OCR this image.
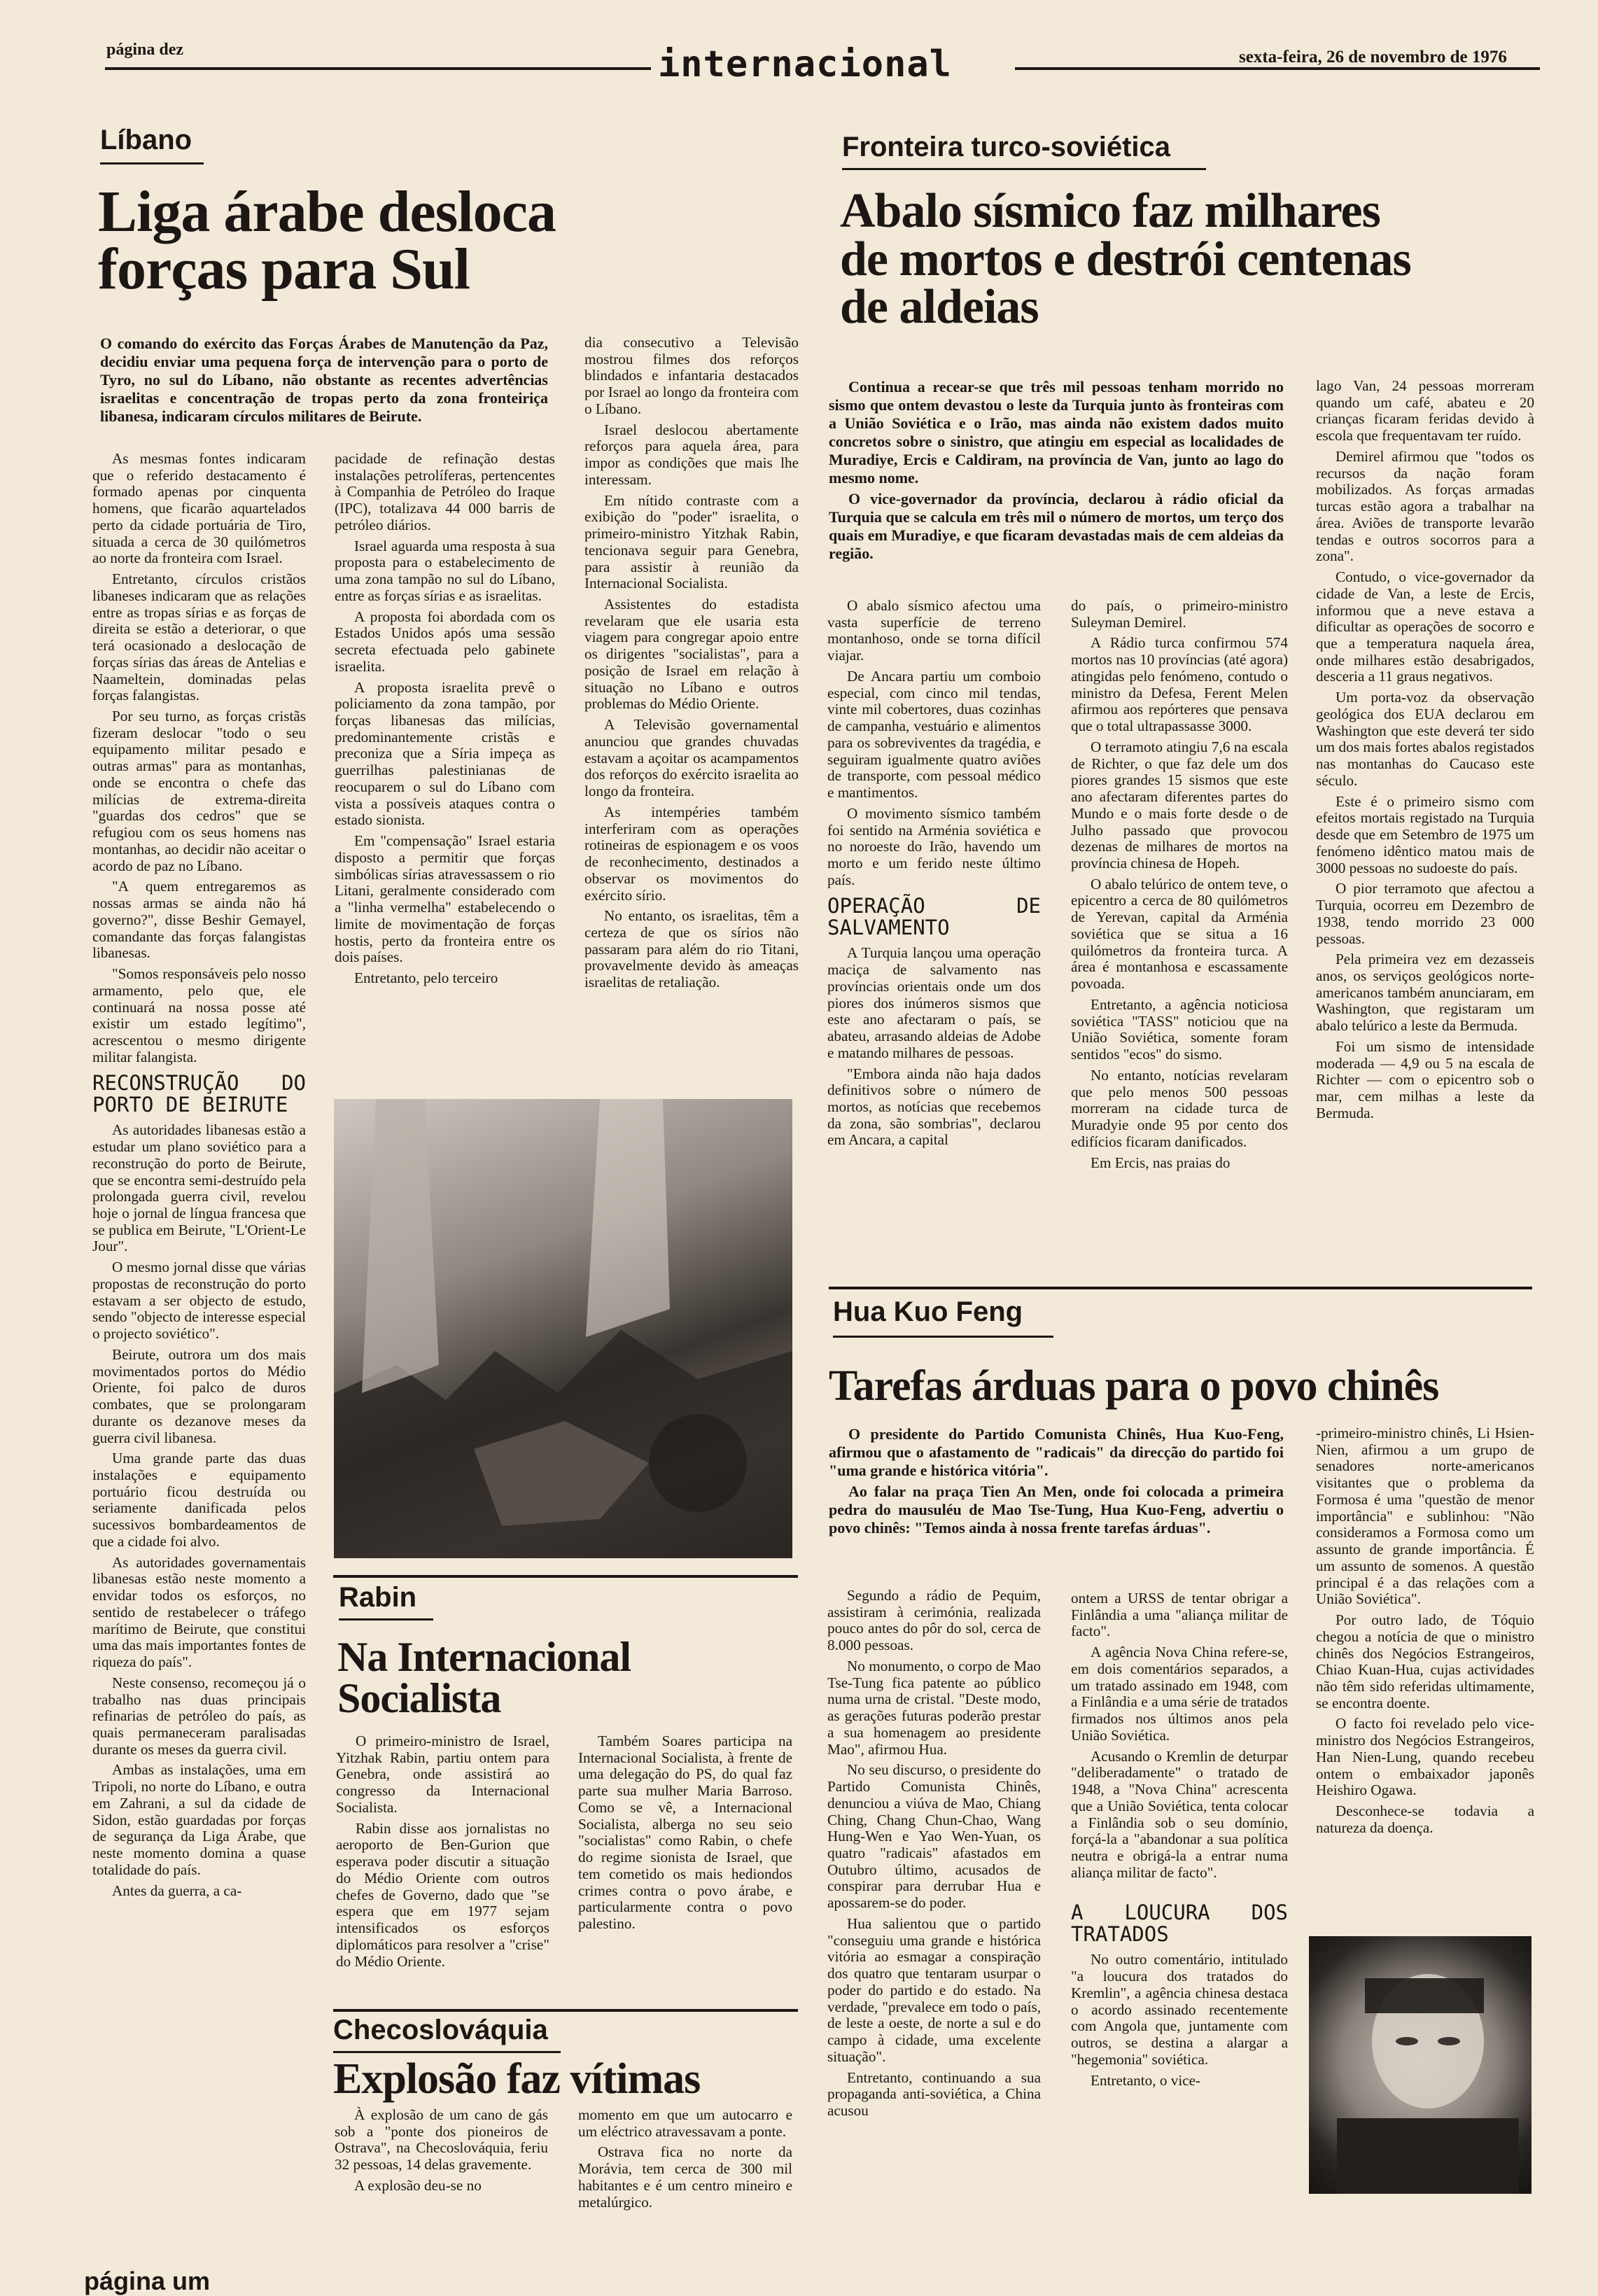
página dez	internacional	sexta-feira, 26 de novembro de 1976
Líbano
Liga árabe desloca
forças para Sul
O comando do exército das Forças Árabes de Manutenção da Paz, decidiu enviar uma pequena força de intervenção para o porto de Tyro, no sul do Líbano, não obstante as recentes advertências israelitas e concentração de tropas perto da zona fronteiriça libanesa, indicaram círculos militares de Beirute.

As mesmas fontes indicaram que o referido destacamento é formado apenas por cinquenta homens, que ficarão aquartelados perto da cidade portuária de Tiro, situada a cerca de 30 quilómetros ao norte da fronteira com Israel.

Entretanto, círculos cristãos libaneses indicaram que as relações entre as tropas sírias e as forças de direita se estão a deteriorar, o que terá ocasionado a deslocação de forças sírias das áreas de Antelias e Naameltein, dominadas pelas forças falangistas.

Por seu turno, as forças cristãs fizeram deslocar "todo o seu equipamento militar pesado e outras armas" para as montanhas, onde se encontra o chefe das milícias de extrema-direita "guardas dos cedros" que se refugiou com os seus homens nas montanhas, ao decidir não aceitar o acordo de paz no Líbano.

"A quem entregaremos as nossas armas se ainda não há governo?", disse Beshir Gemayel, comandante das forças falangistas libanesas.

"Somos responsáveis pelo nosso armamento, pelo que, ele continuará na nossa posse até existir um estado legítimo", acrescentou o mesmo dirigente militar falangista.

RECONSTRUÇÃO DO PORTO DE BEIRUTE

As autoridades libanesas estão a estudar um plano soviético para a reconstrução do porto de Beirute, que se encontra semi-destruído pela prolongada guerra civil, revelou hoje o jornal de língua francesa que se publica em Beirute, "L'Orient-Le Jour".

O mesmo jornal disse que várias propostas de reconstrução do porto estavam a ser objecto de estudo, sendo "objecto de interesse especial o projecto soviético".

Beirute, outrora um dos mais movimentados portos do Médio Oriente, foi palco de duros combates, que se prolongaram durante os dezanove meses da guerra civil libanesa.

Uma grande parte das duas instalações e equipamento portuário ficou destruída ou seriamente danificada pelos sucessivos bombardeamentos de que a cidade foi alvo.

As autoridades governamentais libanesas estão neste momento a envidar todos os esforços, no sentido de restabelecer o tráfego marítimo de Beirute, que constitui uma das mais importantes fontes de riqueza do país".

Neste consenso, recomeçou já o trabalho nas duas principais refinarias de petróleo do país, as quais permaneceram paralisadas durante os meses da guerra civil.

Ambas as instalações, uma em Tripoli, no norte do Líbano, e outra em Zahrani, a sul da cidade de Sidon, estão guardadas por forças de segurança da Liga Árabe, que neste momento domina a quase totalidade do país.

Antes da guerra, a ca-

pacidade de refinação destas instalações petrolíferas, pertencentes à Companhia de Petróleo do Iraque (IPC), totalizava 44 000 barris de petróleo diários.

Israel aguarda uma resposta à sua proposta para o estabelecimento de uma zona tampão no sul do Líbano, entre as forças sírias e as israelitas.

A proposta foi abordada com os Estados Unidos após uma sessão secreta efectuada pelo gabinete israelita.

A proposta israelita prevê o policiamento da zona tampão, por forças libanesas das milícias, predominantemente cristãs e preconiza que a Síria impeça as guerrilhas palestinianas de reocuparem o sul do Líbano com vista a possíveis ataques contra o estado sionista.

Em "compensação" Israel estaria disposto a permitir que forças simbólicas sírias atravessassem o rio Litani, geralmente considerado com a "linha vermelha" estabelecendo o limite de movimentação de forças hostis, perto da fronteira entre os dois países.

Entretanto, pelo terceiro

dia consecutivo a Televisão mostrou filmes dos reforços blindados e infantaria destacados por Israel ao longo da fronteira com o Líbano.

Israel deslocou abertamente reforços para aquela área, para impor as condições que mais lhe interessam.

Em nítido contraste com a exibição do "poder" israelita, o primeiro-ministro Yitzhak Rabin, tencionava seguir para Genebra, para assistir à reunião da Internacional Socialista.

Assistentes do estadista revelaram que ele usaria esta viagem para congregar apoio entre os dirigentes "socialistas", para a posição de Israel em relação à situação no Líbano e outros problemas do Médio Oriente.

A Televisão governamental anunciou que grandes chuvadas estavam a açoitar os acampamentos dos reforços do exército israelita ao longo da fronteira.

As intempéries também interferiram com as operações rotineiras de espionagem e os voos de reconhecimento, destinados a observar os movimentos do exército sírio.

No entanto, os israelitas, têm a certeza de que os sírios não passaram para além do rio Titani, provavelmente devido às ameaças israelitas de retaliação.

Rabin
Na Internacional
Socialista

O primeiro-ministro de Israel, Yitzhak Rabin, partiu ontem para Genebra, onde assistirá ao congresso da Internacional Socialista.

Rabin disse aos jornalistas no aeroporto de Ben-Gurion que esperava poder discutir a situação do Médio Oriente com outros chefes de Governo, dado que "se espera que em 1977 sejam intensificados os esforços diplomáticos para resolver a "crise" do Médio Oriente.

Também Soares participa na Internacional Socialista, à frente de uma delegação do PS, do qual faz parte sua mulher Maria Barroso. Como se vê, a Internacional Socialista, alberga no seu seio "socialistas" como Rabin, o chefe do regime sionista de Israel, que tem cometido os mais hediondos crimes contra o povo árabe, e particularmente contra o povo palestino.

Checoslováquia
Explosão faz vítimas

À explosão de um cano de gás sob a "ponte dos pioneiros de Ostrava", na Checoslováquia, feriu 32 pessoas, 14 delas gravemente.

A explosão deu-se no

momento em que um autocarro e um eléctrico atravessavam a ponte.

Ostrava fica no norte da Morávia, tem cerca de 300 mil habitantes e é um centro mineiro e metalúrgico.

Fronteira turco-soviética
Abalo sísmico faz milhares
de mortos e destrói centenas
de aldeias
Continua a recear-se que três mil pessoas tenham morrido no sismo que ontem devastou o leste da Turquia junto às fronteiras com a União Soviética e o Irão, mas ainda não existem dados muito concretos sobre o sinistro, que atingiu em especial as localidades de Muradiye, Ercis e Caldiram, na província de Van, junto ao lago do mesmo nome.
O vice-governador da província, declarou à rádio oficial da Turquia que se calcula em três mil o número de mortos, um terço dos quais em Muradiye, e que ficaram devastadas mais de cem aldeias da região.

O abalo sísmico afectou uma vasta superfície de terreno montanhoso, onde se torna difícil viajar.

De Ancara partiu um comboio especial, com cinco mil tendas, vinte mil cobertores, duas cozinhas de campanha, vestuário e alimentos para os sobreviventes da tragédia, e seguiram igualmente quatro aviões de transporte, com pessoal médico e mantimentos.

O movimento sísmico também foi sentido na Arménia soviética e no noroeste do Irão, havendo um morto e um ferido neste último país.

OPERAÇÃO DE SALVAMENTO

A Turquia lançou uma operação maciça de salvamento nas províncias orientais onde um dos piores dos inúmeros sismos que este ano afectaram o país, se abateu, arrasando aldeias de Adobe e matando milhares de pessoas.

"Embora ainda não haja dados definitivos sobre o número de mortos, as notícias que recebemos da zona, são sombrias", declarou em Ancara, a capital

do país, o primeiro-ministro Suleyman Demirel.

A Rádio turca confirmou 574 mortos nas 10 províncias (até agora) atingidas pelo fenómeno, contudo o ministro da Defesa, Ferent Melen afirmou aos repórteres que pensava que o total ultrapassasse 3000.

O terramoto atingiu 7,6 na escala de Richter, o que faz dele um dos piores grandes 15 sismos que este ano afectaram diferentes partes do Mundo e o mais forte desde o de Julho passado que provocou dezenas de milhares de mortos na província chinesa de Hopeh.

O abalo telúrico de ontem teve, o epicentro a cerca de 80 quilómetros de Yerevan, capital da Arménia soviética que se situa a 16 quilómetros da fronteira turca. A área é montanhosa e escassamente povoada.

Entretanto, a agência noticiosa soviética "TASS" noticiou que na União Soviética, somente foram sentidos "ecos" do sismo.

No entanto, notícias revelaram que pelo menos 500 pessoas morreram na cidade turca de Muradyie onde 95 por cento dos edifícios ficaram danificados.

Em Ercis, nas praias do

lago Van, 24 pessoas morreram quando um café, abateu e 20 crianças ficaram feridas devido à escola que frequentavam ter ruído.

Demirel afirmou que "todos os recursos da nação foram mobilizados. As forças armadas turcas estão agora a trabalhar na área. Aviões de transporte levarão tendas e outros socorros para a zona".

Contudo, o vice-governador da cidade de Van, a leste de Ercis, informou que a neve estava a dificultar as operações de socorro e que a temperatura naquela área, onde milhares estão desabrigados, desceria a 11 graus negativos.

Um porta-voz da observação geológica dos EUA declarou em Washington que este deverá ter sido um dos mais fortes abalos registados nas montanhas do Caucaso este século.

Este é o primeiro sismo com efeitos mortais registado na Turquia desde que em Setembro de 1975 um fenómeno idêntico matou mais de 3000 pessoas no sudoeste do país.

O pior terramoto que afectou a Turquia, ocorreu em Dezembro de 1938, tendo morrido 23 000 pessoas.

Pela primeira vez em dezasseis anos, os serviços geológicos norte-americanos também anunciaram, em Washington, que registaram um abalo telúrico a leste da Bermuda.

Foi um sismo de intensidade moderada — 4,9 ou 5 na escala de Richter — com o epicentro sob o mar, cem milhas a leste da Bermuda.

Hua Kuo Feng
Tarefas árduas para o povo chinês
O presidente do Partido Comunista Chinês, Hua Kuo-Feng, afirmou que o afastamento de "radicais" da direcção do partido foi "uma grande e histórica vitória".
Ao falar na praça Tien An Men, onde foi colocada a primeira pedra do mausuléu de Mao Tse-Tung, Hua Kuo-Feng, advertiu o povo chinês: "Temos ainda à nossa frente tarefas árduas".

Segundo a rádio de Pequim, assistiram à cerimónia, realizada pouco antes do pôr do sol, cerca de 8.000 pessoas.

No monumento, o corpo de Mao Tse-Tung fica patente ao público numa urna de cristal. "Deste modo, as gerações futuras poderão prestar a sua homenagem ao presidente Mao", afirmou Hua.

No seu discurso, o presidente do Partido Comunista Chinês, denunciou a viúva de Mao, Chiang Ching, Chang Chun-Chao, Wang Hung-Wen e Yao Wen-Yuan, os quatro "radicais" afastados em Outubro último, acusados de conspirar para derrubar Hua e apossarem-se do poder.

Hua salientou que o partido "conseguiu uma grande e histórica vitória ao esmagar a conspiração dos quatro que tentaram usurpar o poder do partido e do estado. Na verdade, "prevalece em todo o país, de leste a oeste, de norte a sul e do campo à cidade, uma excelente situação".

Entretanto, continuando a sua propaganda anti-soviética, a China acusou

ontem a URSS de tentar obrigar a Finlândia a uma "aliança militar de facto".

A agência Nova China refere-se, em dois comentários separados, a um tratado assinado em 1948, com a Finlândia e a uma série de tratados firmados nos últimos anos pela União Soviética.

Acusando o Kremlin de deturpar "deliberadamente" o tratado de 1948, a "Nova China" acrescenta que a União Soviética, tenta colocar a Finlândia sob o seu domínio, forçá-la a "abandonar a sua política neutra e obrigá-la a entrar numa aliança militar de facto".

A LOUCURA DOS TRATADOS

No outro comentário, intitulado "a loucura dos tratados do Kremlin", a agência chinesa destaca o acordo assinado recentemente com Angola que, juntamente com outros, se destina a alargar a "hegemonia" soviética.

Entretanto, o vice-

-primeiro-ministro chinês, Li Hsien-Nien, afirmou a um grupo de senadores norte-americanos visitantes que o problema da Formosa é uma "questão de menor importância" e sublinhou: "Não consideramos a Formosa como um assunto de grande importância. É um assunto de somenos. A questão principal é a das relações com a União Soviética".

Por outro lado, de Tóquio chegou a notícia de que o ministro chinês dos Negócios Estrangeiros, Chiao Kuan-Hua, cujas actividades não têm sido referidas ultimamente, se encontra doente.

O facto foi revelado pelo vice-ministro dos Negócios Estrangeiros, Han Nien-Lung, quando recebeu ontem o embaixador japonês Heishiro Ogawa.

Desconhece-se todavia a natureza da doença.

página um
